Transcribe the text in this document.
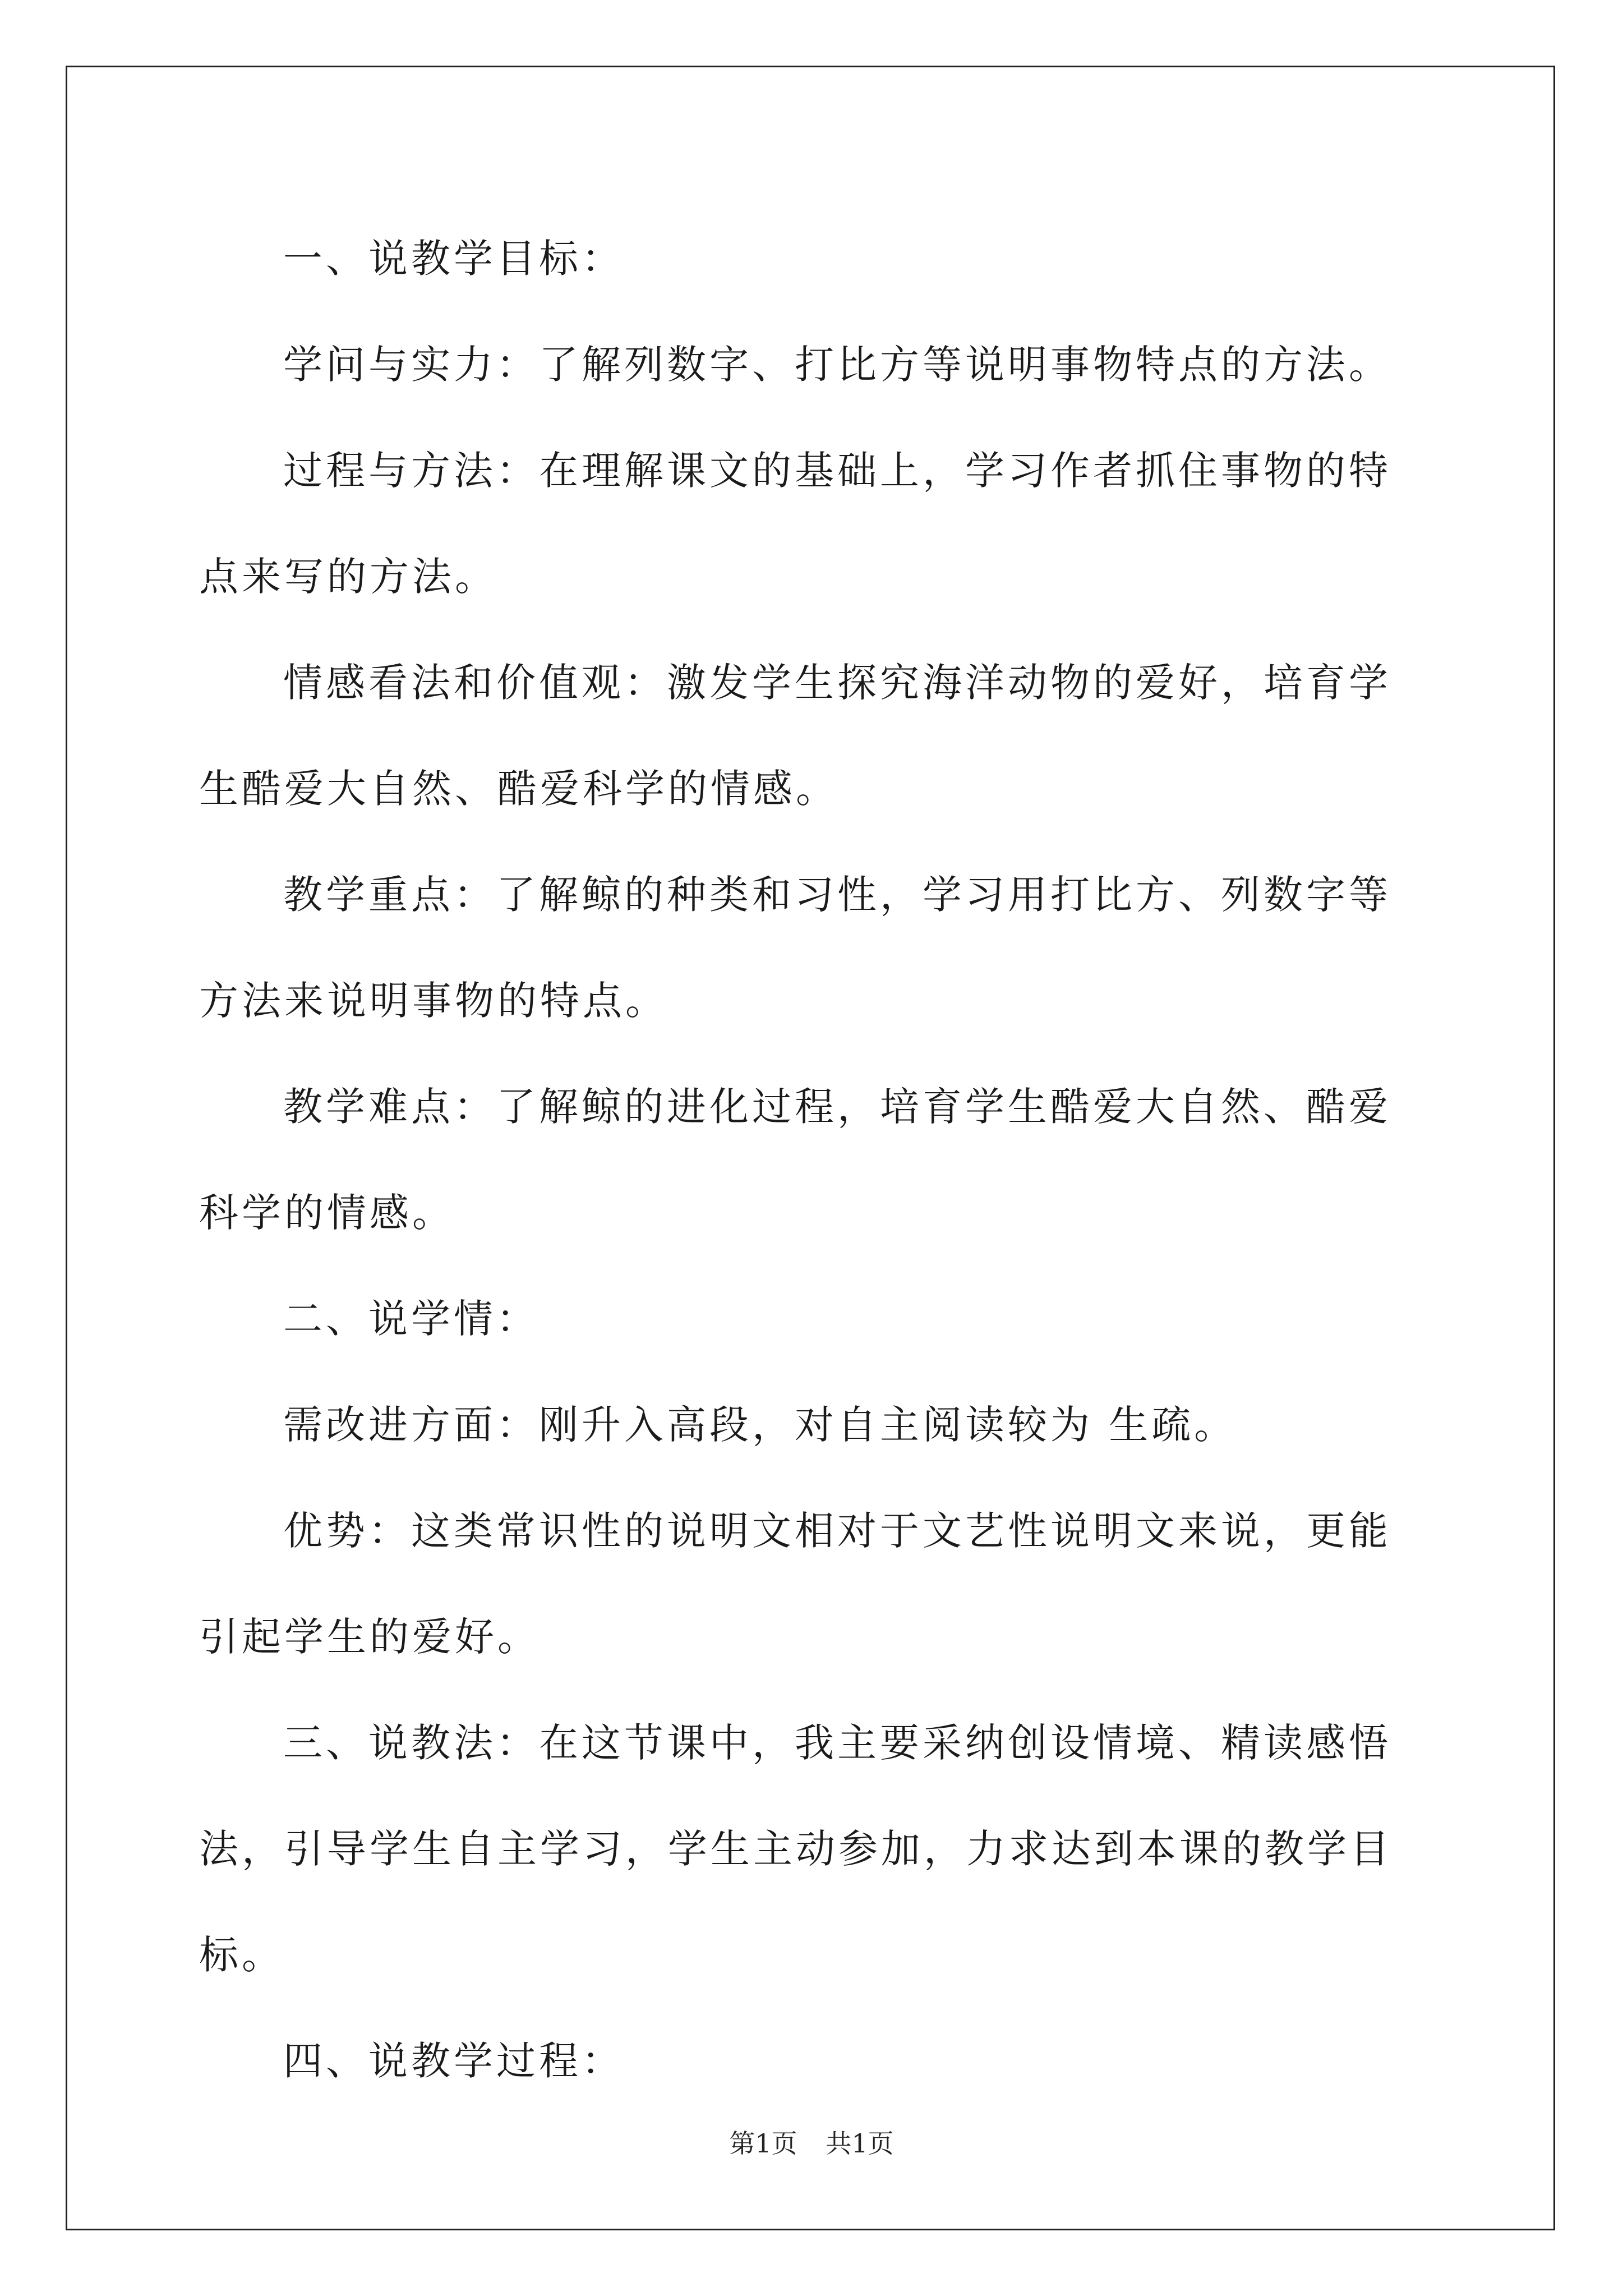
一、说教学目标：

学问与实力：了解列数字、打比方等说明事物特点的方法。

过程与方法：在理解课文的基础上，学习作者抓住事物的特点来写的方法。

情感看法和价值观：激发学生探究海洋动物的爱好，培育学生酷爱大自然、酷爱科学的情感。

教学重点：了解鲸的种类和习性，学习用打比方、列数字等方法来说明事物的特点。

教学难点：了解鲸的进化过程，培育学生酷爱大自然、酷爱科学的情感。

二、说学情：

需改进方面：刚升入高段，对自主阅读较为 生疏。

优势：这类常识性的说明文相对于文艺性说明文来说，更能引起学生的爱好。

三、说教法：在这节课中，我主要采纳创设情境、精读感悟法，引导学生自主学习，学生主动参加，力求达到本课的教学目标。

四、说教学过程：

第1页 共1页
